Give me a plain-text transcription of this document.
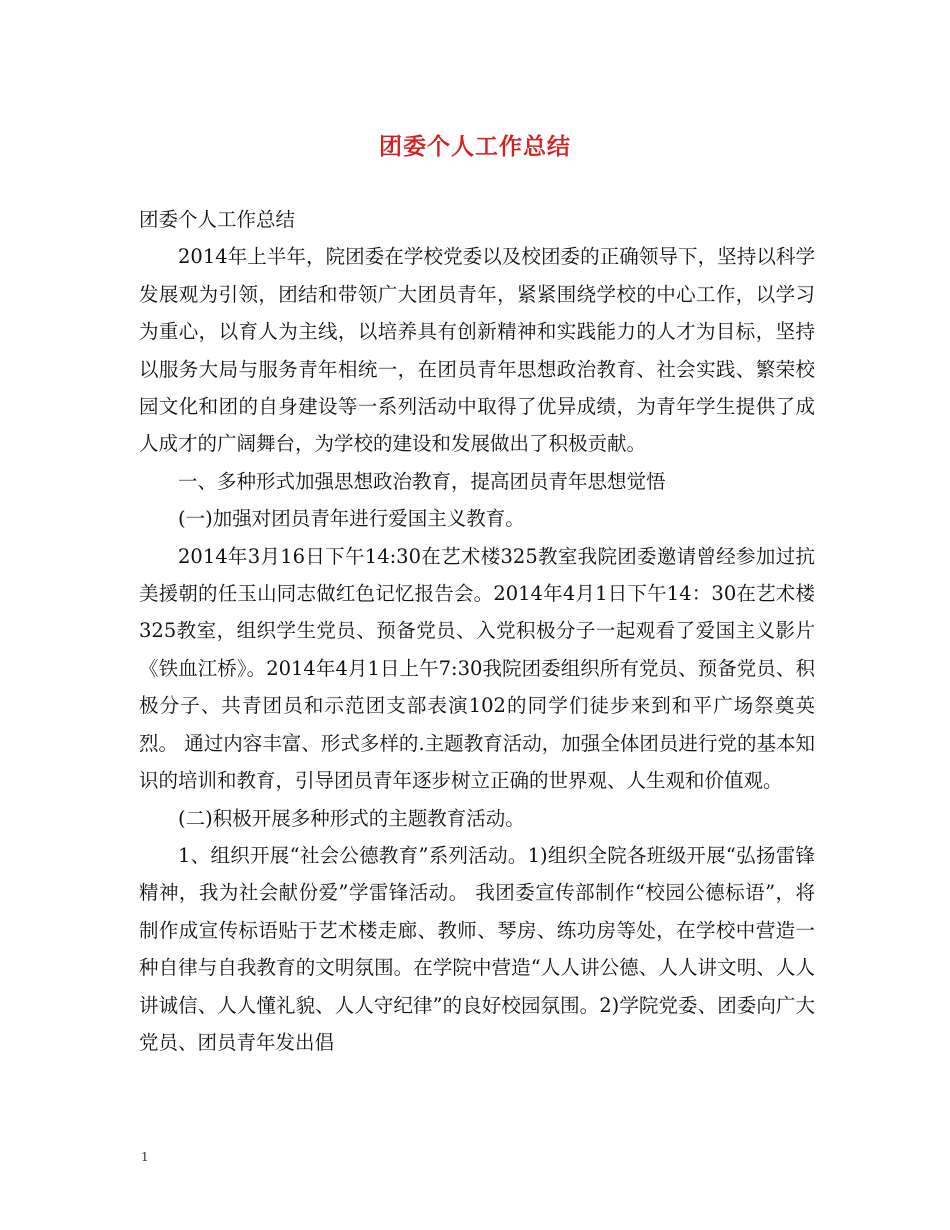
团委个人工作总结

团委个人工作总结

2014年上半年，院团委在学校党委以及校团委的正确领导下，坚持以科学发展观为引领，团结和带领广大团员青年，紧紧围绕学校的中心工作，以学习为重心，以育人为主线，以培养具有创新精神和实践能力的人才为目标，坚持以服务大局与服务青年相统一，在团员青年思想政治教育、社会实践、繁荣校园文化和团的自身建设等一系列活动中取得了优异成绩，为青年学生提供了成人成才的广阔舞台，为学校的建设和发展做出了积极贡献。

一、多种形式加强思想政治教育，提高团员青年思想觉悟

(一)加强对团员青年进行爱国主义教育。

2014年3月16日下午14:30在艺术楼325教室我院团委邀请曾经参加过抗美援朝的任玉山同志做红色记忆报告会。2014年4月1日下午14：30在艺术楼325教室，组织学生党员、预备党员、入党积极分子一起观看了爱国主义影片《铁血江桥》。2014年4月1日上午7:30我院团委组织所有党员、预备党员、积极分子、共青团员和示范团支部表演102的同学们徒步来到和平广场祭奠英烈。 通过内容丰富、形式多样的.主题教育活动，加强全体团员进行党的基本知识的培训和教育，引导团员青年逐步树立正确的世界观、人生观和价值观。

(二)积极开展多种形式的主题教育活动。

1、组织开展“社会公德教育”系列活动。1)组织全院各班级开展“弘扬雷锋精神，我为社会献份爱”学雷锋活动。 我团委宣传部制作“校园公德标语”，将制作成宣传标语贴于艺术楼走廊、教师、琴房、练功房等处，在学校中营造一种自律与自我教育的文明氛围。在学院中营造“人人讲公德、人人讲文明、人人讲诚信、人人懂礼貌、人人守纪律”的良好校园氛围。2)学院党委、团委向广大党员、团员青年发出倡

1
